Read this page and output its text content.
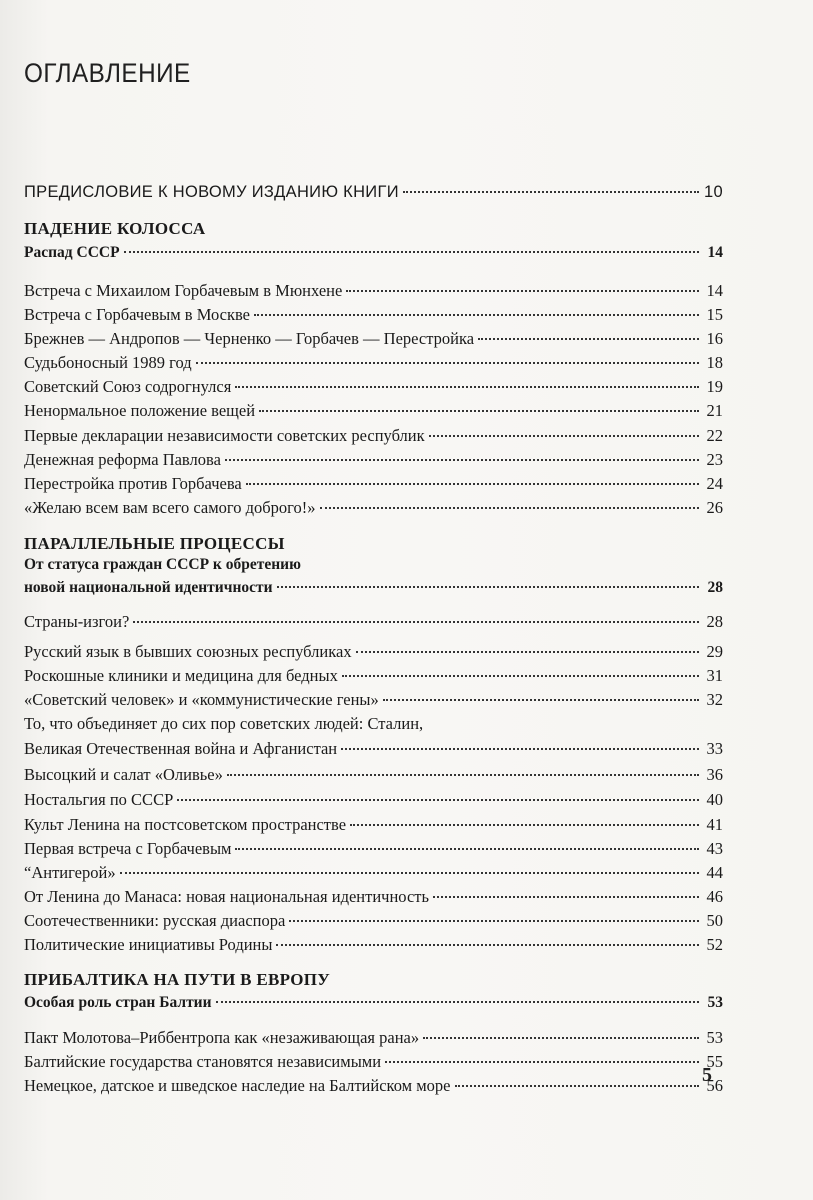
ОГЛАВЛЕНИЕ
ПРЕДИСЛОВИЕ К НОВОМУ ИЗДАНИЮ КНИГИ	10
ПАДЕНИЕ КОЛОССА
Распад СССР	14
Встреча с Михаилом Горбачевым в Мюнхене	14
Встреча с Горбачевым в Москве	15
Брежнев — Андропов — Черненко — Горбачев — Перестройка	16
Судьбоносный 1989 год	18
Советский Союз содрогнулся	19
Ненормальное положение вещей	21
Первые декларации независимости советских республик	22
Денежная реформа Павлова	23
Перестройка против Горбачева	24
«Желаю всем вам всего самого доброго!»	26
ПАРАЛЛЕЛЬНЫЕ ПРОЦЕССЫ
От статуса граждан СССР к обретению
новой национальной идентичности	28
Страны-изгои?	28
Русский язык в бывших союзных республиках	29
Роскошные клиники и медицина для бедных	31
«Советский человек» и «коммунистические гены»	32
То, что объединяет до сих пор советских людей: Сталин,
Великая Отечественная война и Афганистан	33
Высоцкий и салат «Оливье»	36
Ностальгия по СССР	40
Культ Ленина на постсоветском пространстве	41
Первая встреча с Горбачевым	43
“Антигерой»	44
От Ленина до Манаса: новая национальная идентичность	46
Соотечественники: русская диаспора	50
Политические инициативы Родины	52
ПРИБАЛТИКА НА ПУТИ В ЕВРОПУ
Особая роль стран Балтии	53
Пакт Молотова–Риббентропа как «незаживающая рана»	53
Балтийские государства становятся независимыми	55
Немецкое, датское и шведское наследие на Балтийском море	56
5
